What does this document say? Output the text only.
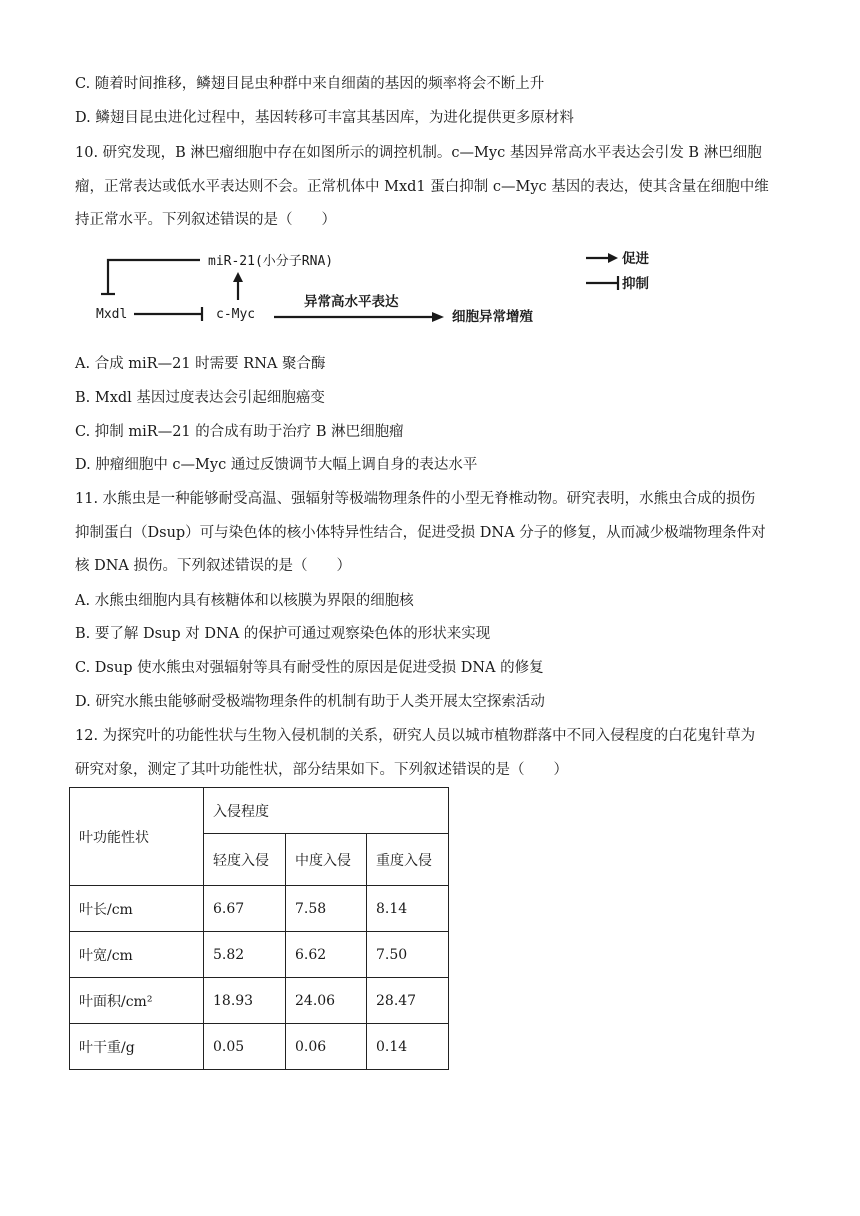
C. 随着时间推移，鳞翅目昆虫种群中来自细菌的基因的频率将会不断上升
D. 鳞翅目昆虫进化过程中，基因转移可丰富其基因库，为进化提供更多原材料
10. 研究发现，B 淋巴瘤细胞中存在如图所示的调控机制。c—Myc 基因异常高水平表达会引发 B 淋巴细胞
瘤，正常表达或低水平表达则不会。正常机体中 Mxd1 蛋白抑制 c—Myc 基因的表达，使其含量在细胞中维
持正常水平。下列叙述错误的是（　　）
miR-21(小分子RNA)
Mxdl	c-Myc
异常高水平表达
细胞异常增殖
促进
抑制
A. 合成 miR—21 时需要 RNA 聚合酶
B. Mxdl 基因过度表达会引起细胞癌变
C. 抑制 miR—21 的合成有助于治疗 B 淋巴细胞瘤
D. 肿瘤细胞中 c—Myc 通过反馈调节大幅上调自身的表达水平
11. 水熊虫是一种能够耐受高温、强辐射等极端物理条件的小型无脊椎动物。研究表明，水熊虫合成的损伤
抑制蛋白（Dsup）可与染色体的核小体特异性结合，促进受损 DNA 分子的修复，从而减少极端物理条件对
核 DNA 损伤。下列叙述错误的是（　　）
A. 水熊虫细胞内具有核糖体和以核膜为界限的细胞核
B. 要了解 Dsup 对 DNA 的保护可通过观察染色体的形状来实现
C. Dsup 使水熊虫对强辐射等具有耐受性的原因是促进受损 DNA 的修复
D. 研究水熊虫能够耐受极端物理条件的机制有助于人类开展太空探索活动
12. 为探究叶的功能性状与生物入侵机制的关系，研究人员以城市植物群落中不同入侵程度的白花鬼针草为
研究对象，测定了其叶功能性状，部分结果如下。下列叙述错误的是（　　）
叶功能性状	入侵程度		
	轻度入侵	中度入侵	重度入侵
叶长/cm	6.67	7.58	8.14
叶宽/cm	5.82	6.62	7.50
叶面积/cm²	18.93	24.06	28.47
叶干重/g	0.05	0.06	0.14
